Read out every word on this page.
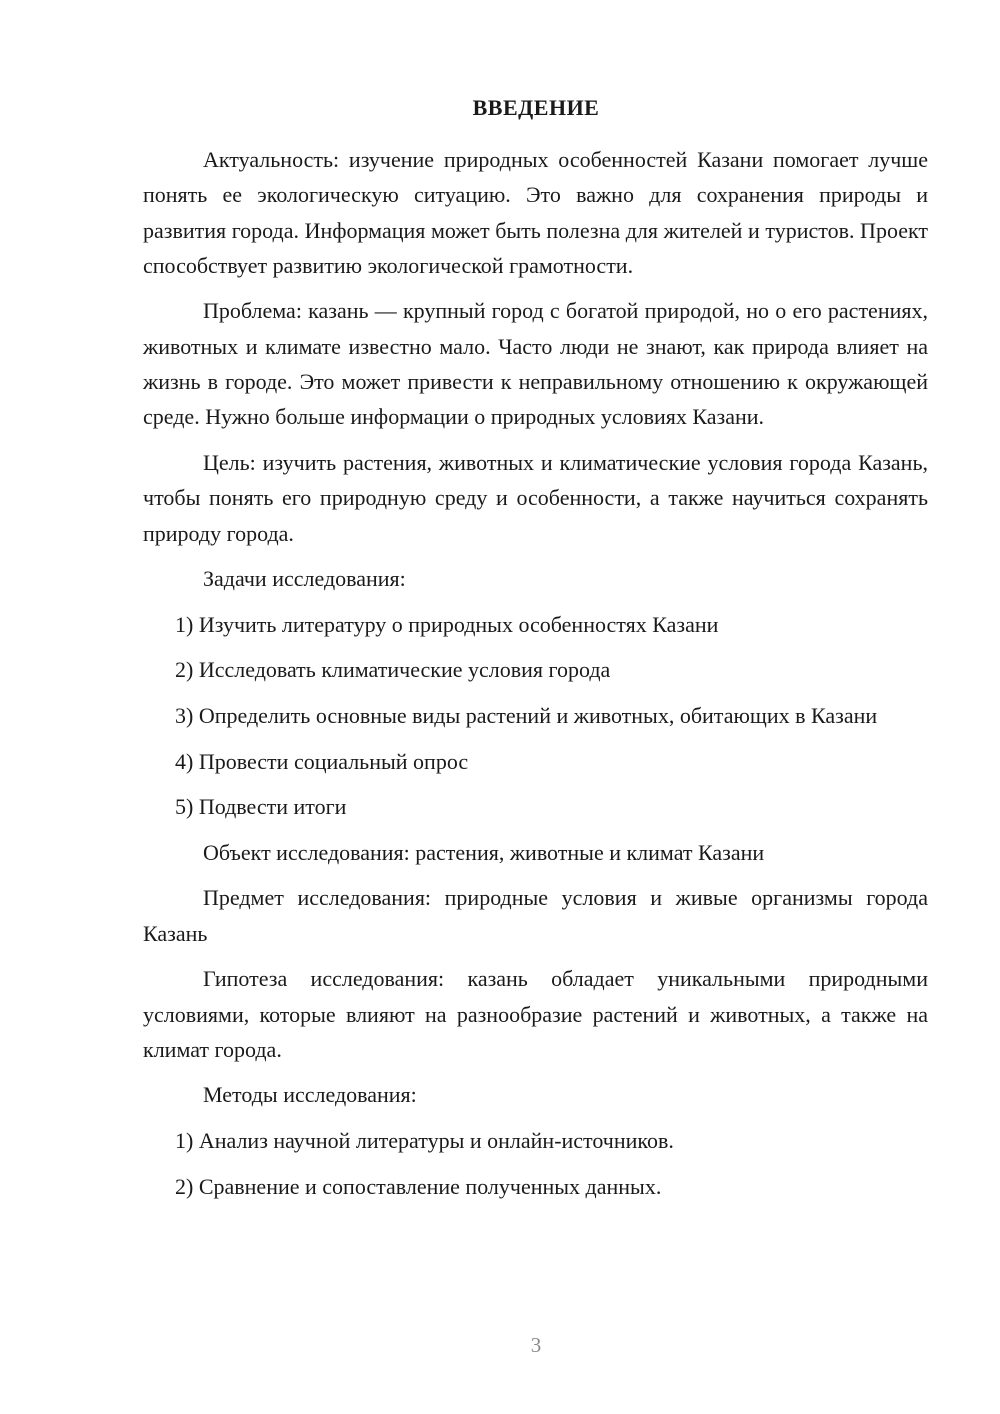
ВВЕДЕНИЕ

Актуальность: изучение природных особенностей Казани помогает лучше понять ее экологическую ситуацию. Это важно для сохранения природы и развития города. Информация может быть полезна для жителей и туристов. Проект способствует развитию экологической грамотности.

Проблема: казань — крупный город с богатой природой, но о его растениях, животных и климате известно мало. Часто люди не знают, как природа влияет на жизнь в городе. Это может привести к неправильному отношению к окружающей среде. Нужно больше информации о природных условиях Казани.

Цель: изучить растения, животных и климатические условия города Казань, чтобы понять его природную среду и особенности, а также научиться сохранять природу города.

Задачи исследования:

1) Изучить литературу о природных особенностях Казани

2) Исследовать климатические условия города

3) Определить основные виды растений и животных, обитающих в Казани

4) Провести социальный опрос

5) Подвести итоги

Объект исследования: растения, животные и климат Казани

Предмет исследования: природные условия и живые организмы города Казань

Гипотеза исследования: казань обладает уникальными природными условиями, которые влияют на разнообразие растений и животных, а также на климат города.

Методы исследования:

1) Анализ научной литературы и онлайн-источников.

2) Сравнение и сопоставление полученных данных.

3
